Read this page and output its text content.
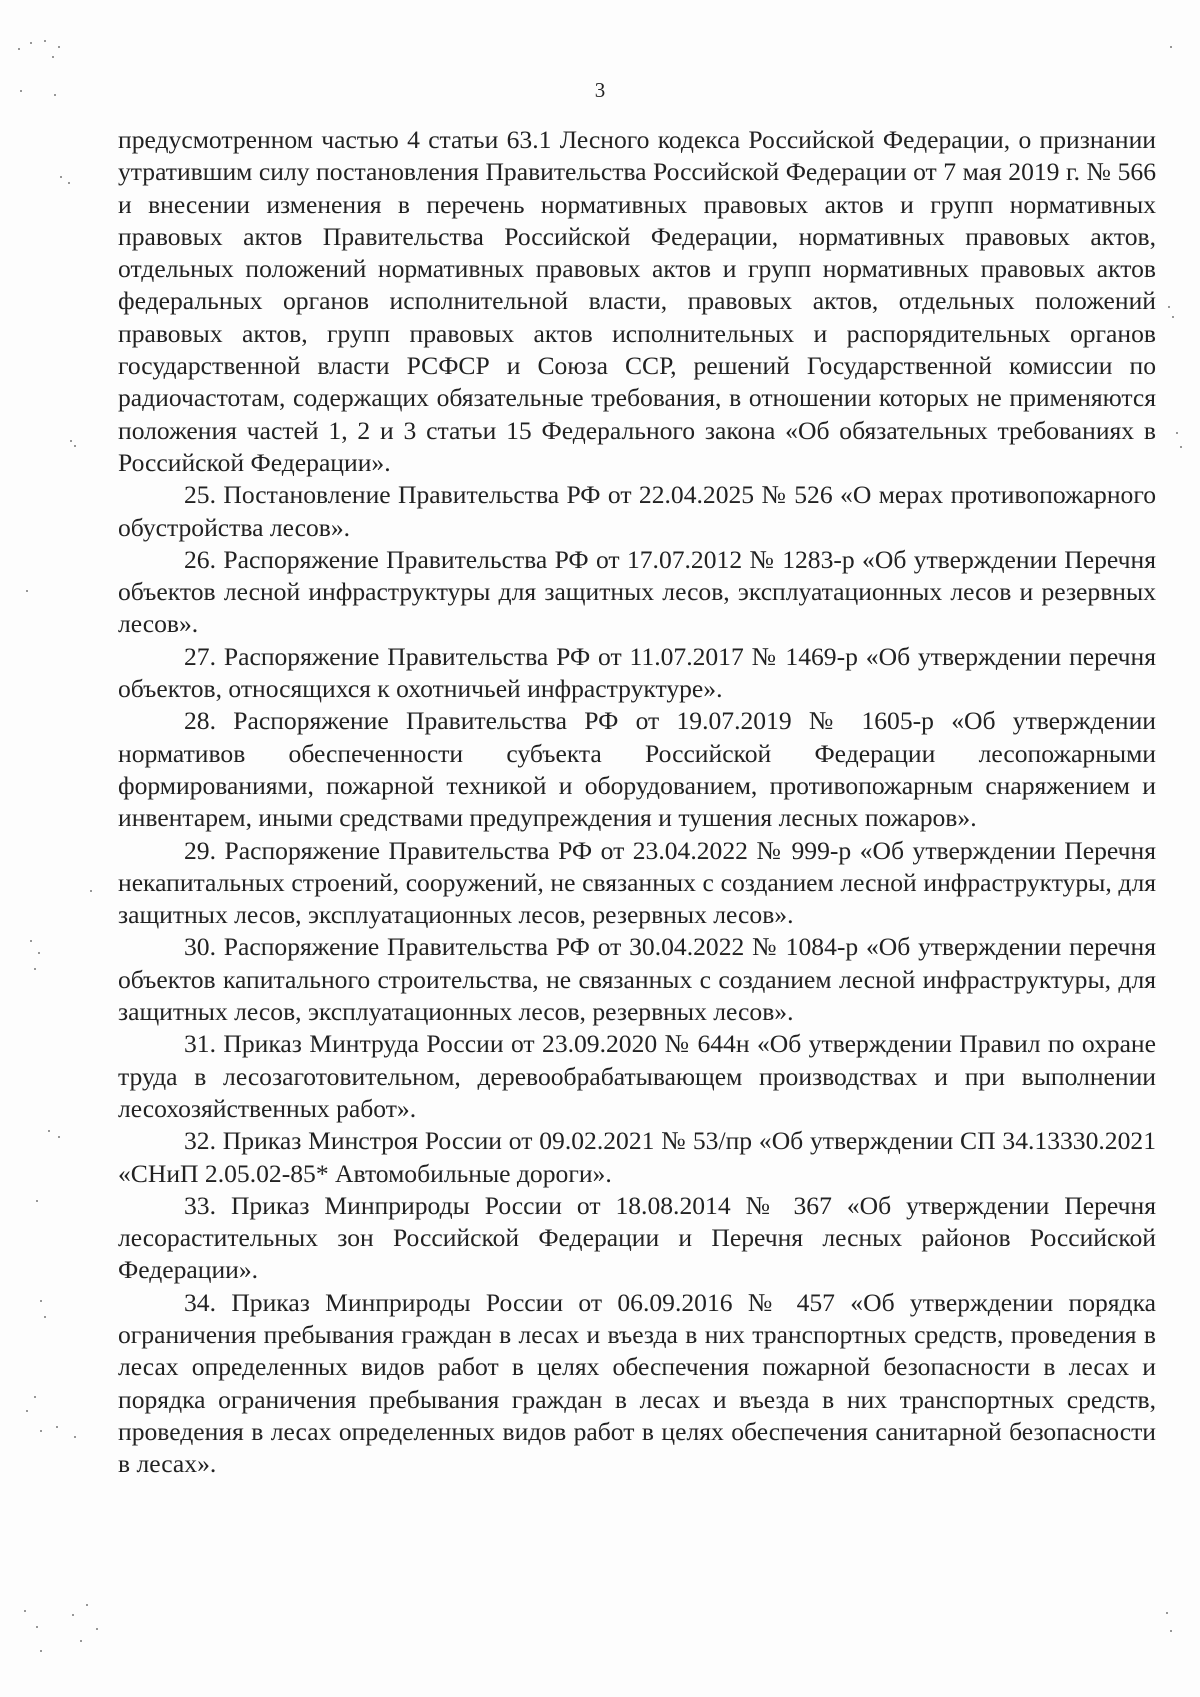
3

предусмотренном частью 4 статьи 63.1 Лесного кодекса Российской Федерации, о признании утратившим силу постановления Правительства Российской Федерации от 7 мая 2019 г. № 566 и внесении изменения в перечень нормативных правовых актов и групп нормативных правовых актов Правительства Российской Федерации, нормативных правовых актов, отдельных положений нормативных правовых актов и групп нормативных правовых актов федеральных органов исполнительной власти, правовых актов, отдельных положений правовых актов, групп правовых актов исполнительных и распорядительных органов государственной власти РСФСР и Союза ССР, решений Государственной комиссии по радиочастотам, содержащих обязательные требования, в отношении которых не применяются положения частей 1, 2 и 3 статьи 15 Федерального закона «Об обязательных требованиях в Российской Федерации».

25. Постановление Правительства РФ от 22.04.2025 № 526 «О мерах противопожарного обустройства лесов».

26. Распоряжение Правительства РФ от 17.07.2012 № 1283-р «Об утверждении Перечня объектов лесной инфраструктуры для защитных лесов, эксплуатационных лесов и резервных лесов».

27. Распоряжение Правительства РФ от 11.07.2017 № 1469-р «Об утверждении перечня объектов, относящихся к охотничьей инфраструктуре».

28. Распоряжение Правительства РФ от 19.07.2019 № 1605-р «Об утверждении нормативов обеспеченности субъекта Российской Федерации лесопожарными формированиями, пожарной техникой и оборудованием, противопожарным снаряжением и инвентарем, иными средствами предупреждения и тушения лесных пожаров».

29. Распоряжение Правительства РФ от 23.04.2022 № 999-р «Об утверждении Перечня некапитальных строений, сооружений, не связанных с созданием лесной инфраструктуры, для защитных лесов, эксплуатационных лесов, резервных лесов».

30. Распоряжение Правительства РФ от 30.04.2022 № 1084-р «Об утверждении перечня объектов капитального строительства, не связанных с созданием лесной инфраструктуры, для защитных лесов, эксплуатационных лесов, резервных лесов».

31. Приказ Минтруда России от 23.09.2020 № 644н «Об утверждении Правил по охране труда в лесозаготовительном, деревообрабатывающем производствах и при выполнении лесохозяйственных работ».

32. Приказ Минстроя России от 09.02.2021 № 53/пр «Об утверждении СП 34.13330.2021 «СНиП 2.05.02-85* Автомобильные дороги».

33. Приказ Минприроды России от 18.08.2014 № 367 «Об утверждении Перечня лесорастительных зон Российской Федерации и Перечня лесных районов Российской Федерации».

34. Приказ Минприроды России от 06.09.2016 № 457 «Об утверждении порядка ограничения пребывания граждан в лесах и въезда в них транспортных средств, проведения в лесах определенных видов работ в целях обеспечения пожарной безопасности в лесах и порядка ограничения пребывания граждан в лесах и въезда в них транспортных средств, проведения в лесах определенных видов работ в целях обеспечения санитарной безопасности в лесах».
